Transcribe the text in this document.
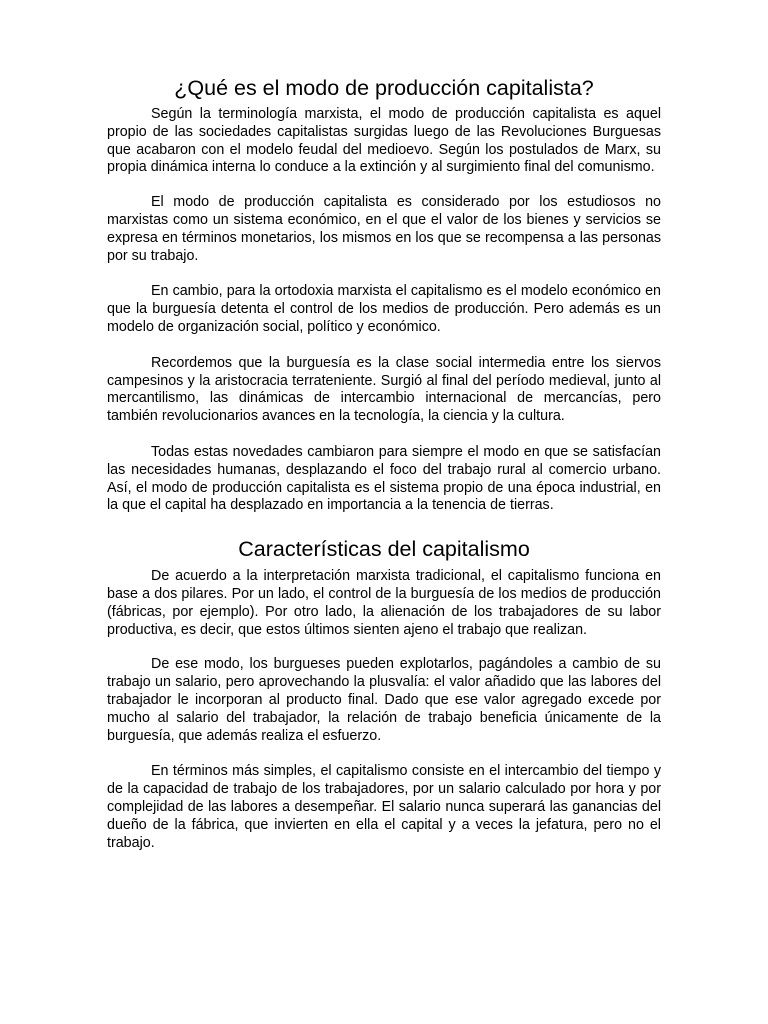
¿Qué es el modo de producción capitalista?

Según la terminología marxista, el modo de producción capitalista es aquel propio de las sociedades capitalistas surgidas luego de las Revoluciones Burguesas que acabaron con el modelo feudal del medioevo. Según los postulados de Marx, su propia dinámica interna lo conduce a la extinción y al surgimiento final del comunismo.

El modo de producción capitalista es considerado por los estudiosos no marxistas como un sistema económico, en el que el valor de los bienes y servicios se expresa en términos monetarios, los mismos en los que se recompensa a las personas por su trabajo.

En cambio, para la ortodoxia marxista el capitalismo es el modelo económico en que la burguesía detenta el control de los medios de producción. Pero además es un modelo de organización social, político y económico.

Recordemos que la burguesía es la clase social intermedia entre los siervos campesinos y la aristocracia terrateniente. Surgió al final del período medieval, junto al mercantilismo, las dinámicas de intercambio internacional de mercancías, pero también revolucionarios avances en la tecnología, la ciencia y la cultura.

Todas estas novedades cambiaron para siempre el modo en que se satisfacían las necesidades humanas, desplazando el foco del trabajo rural al comercio urbano. Así, el modo de producción capitalista es el sistema propio de una época industrial, en la que el capital ha desplazado en importancia a la tenencia de tierras.

Características del capitalismo

De acuerdo a la interpretación marxista tradicional, el capitalismo funciona en base a dos pilares. Por un lado, el control de la burguesía de los medios de producción (fábricas, por ejemplo). Por otro lado, la alienación de los trabajadores de su labor productiva, es decir, que estos últimos sienten ajeno el trabajo que realizan.

De ese modo, los burgueses pueden explotarlos, pagándoles a cambio de su trabajo un salario, pero aprovechando la plusvalía: el valor añadido que las labores del trabajador le incorporan al producto final. Dado que ese valor agregado excede por mucho al salario del trabajador, la relación de trabajo beneficia únicamente de la burguesía, que además realiza el esfuerzo.

En términos más simples, el capitalismo consiste en el intercambio del tiempo y de la capacidad de trabajo de los trabajadores, por un salario calculado por hora y por complejidad de las labores a desempeñar. El salario nunca superará las ganancias del dueño de la fábrica, que invierten en ella el capital y a veces la jefatura, pero no el trabajo.
